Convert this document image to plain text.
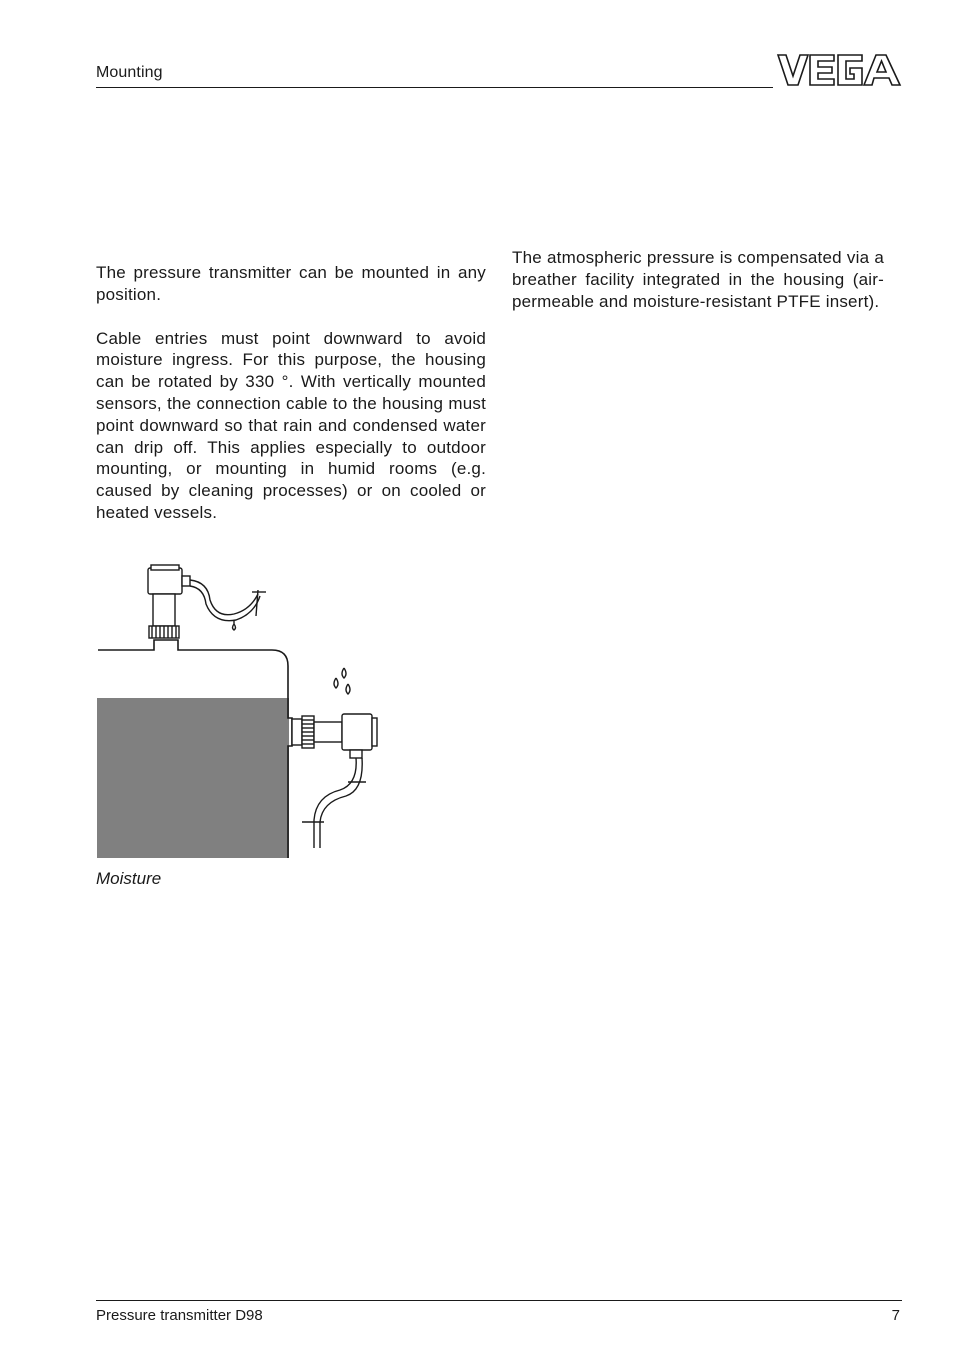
Mounting

The pressure transmitter can be mounted in any position.

Cable entries must point downward to avoid moisture ingress. For this purpose, the housing can be rotated by 330 °. With vertically mounted sensors, the connection cable to the housing must point downward so that rain and condensed water can drip off. This applies especially to outdoor mounting, or mounting in humid rooms (e.g. caused by cleaning processes) or on cooled or heated vessels.

The atmospheric pressure is compensated via a breather facility integrated in the housing (air-permeable and moisture-resistant PTFE insert).

Moisture
Pressure transmitter D98	7
